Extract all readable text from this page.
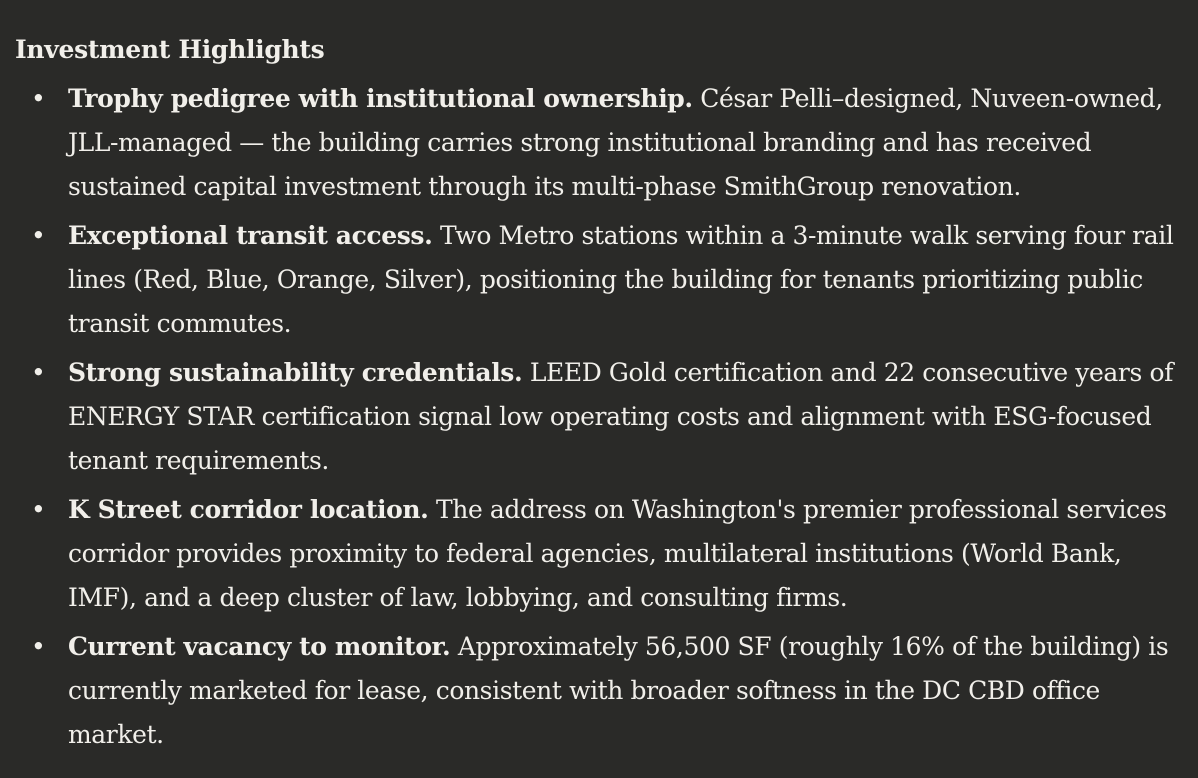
Investment Highlights
• Trophy pedigree with institutional ownership. César Pelli–designed, Nuveen-owned, JLL-managed — the building carries strong institutional branding and has received sustained capital investment through its multi-phase SmithGroup renovation.
• Exceptional transit access. Two Metro stations within a 3-minute walk serving four rail lines (Red, Blue, Orange, Silver), positioning the building for tenants prioritizing public transit commutes.
• Strong sustainability credentials. LEED Gold certification and 22 consecutive years of ENERGY STAR certification signal low operating costs and alignment with ESG-focused tenant requirements.
• K Street corridor location. The address on Washington's premier professional services corridor provides proximity to federal agencies, multilateral institutions (World Bank, IMF), and a deep cluster of law, lobbying, and consulting firms.
• Current vacancy to monitor. Approximately 56,500 SF (roughly 16% of the building) is currently marketed for lease, consistent with broader softness in the DC CBD office market.
